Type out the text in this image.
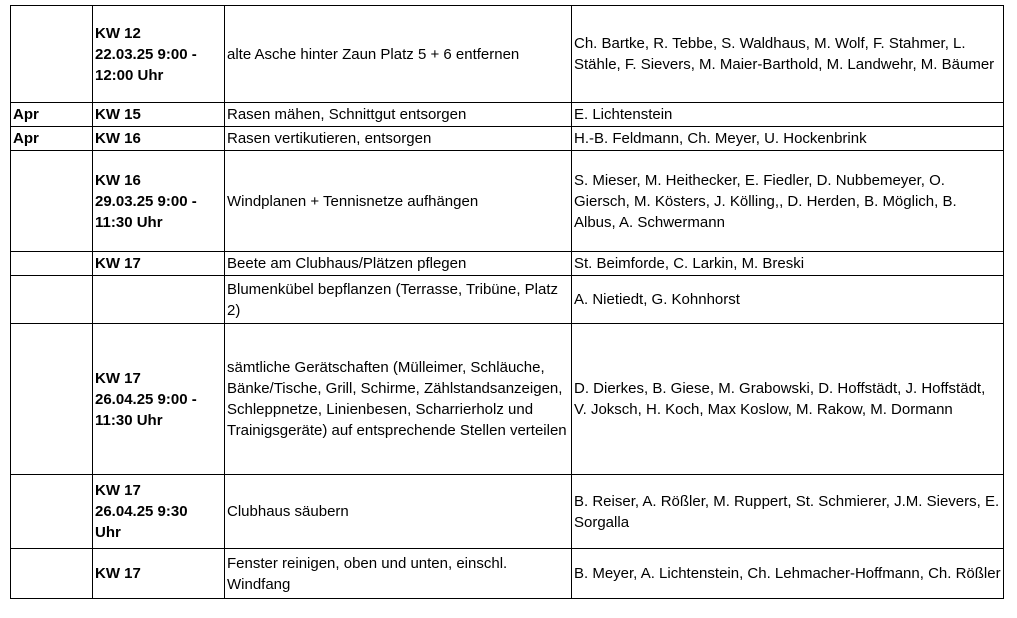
	KW 12
22.03.25 9:00 -
12:00 Uhr	alte Asche hinter Zaun Platz 5 + 6 entfernen	Ch. Bartke, R. Tebbe, S. Waldhaus, M. Wolf, F. Stahmer, L. Stähle, F. Sievers, M. Maier-Barthold, M. Landwehr, M. Bäumer
Apr	KW 15	Rasen mähen, Schnittgut entsorgen	E. Lichtenstein
Apr	KW 16	Rasen vertikutieren, entsorgen	H.-B. Feldmann, Ch. Meyer, U. Hockenbrink

	KW 16
29.03.25 9:00 -
11:30 Uhr	Windplanen + Tennisnetze aufhängen	S. Mieser, M. Heithecker, E. Fiedler, D. Nubbemeyer, O. Giersch, M. Kösters, J. Kölling,, D. Herden, B. Möglich, B. Albus, A. Schwermann

	KW 17	Beete am Clubhaus/Plätzen pflegen	St. Beimforde, C. Larkin, M. Breski
		Blumenkübel bepflanzen (Terrasse, Tribüne, Platz 2)	A. Nietiedt, G. Kohnhorst

	KW 17
26.04.25 9:00 -
11:30 Uhr	sämtliche Gerätschaften (Mülleimer, Schläuche, Bänke/Tische, Grill, Schirme, Zählstandsanzeigen, Schleppnetze, Linienbesen, Scharrierholz und Trainigsgeräte) auf entsprechende Stellen verteilen	D. Dierkes, B. Giese, M. Grabowski, D. Hoffstädt, J. Hoffstädt, V. Joksch, H. Koch, Max Koslow, M. Rakow, M. Dormann

	KW 17
26.04.25 9:30
Uhr	Clubhaus säubern	B. Reiser, A. Rößler, M. Ruppert, St. Schmierer, J.M. Sievers, E. Sorgalla

	KW 17	Fenster reinigen, oben und unten, einschl. Windfang	B. Meyer, A. Lichtenstein, Ch. Lehmacher-Hoffmann, Ch. Rößler
